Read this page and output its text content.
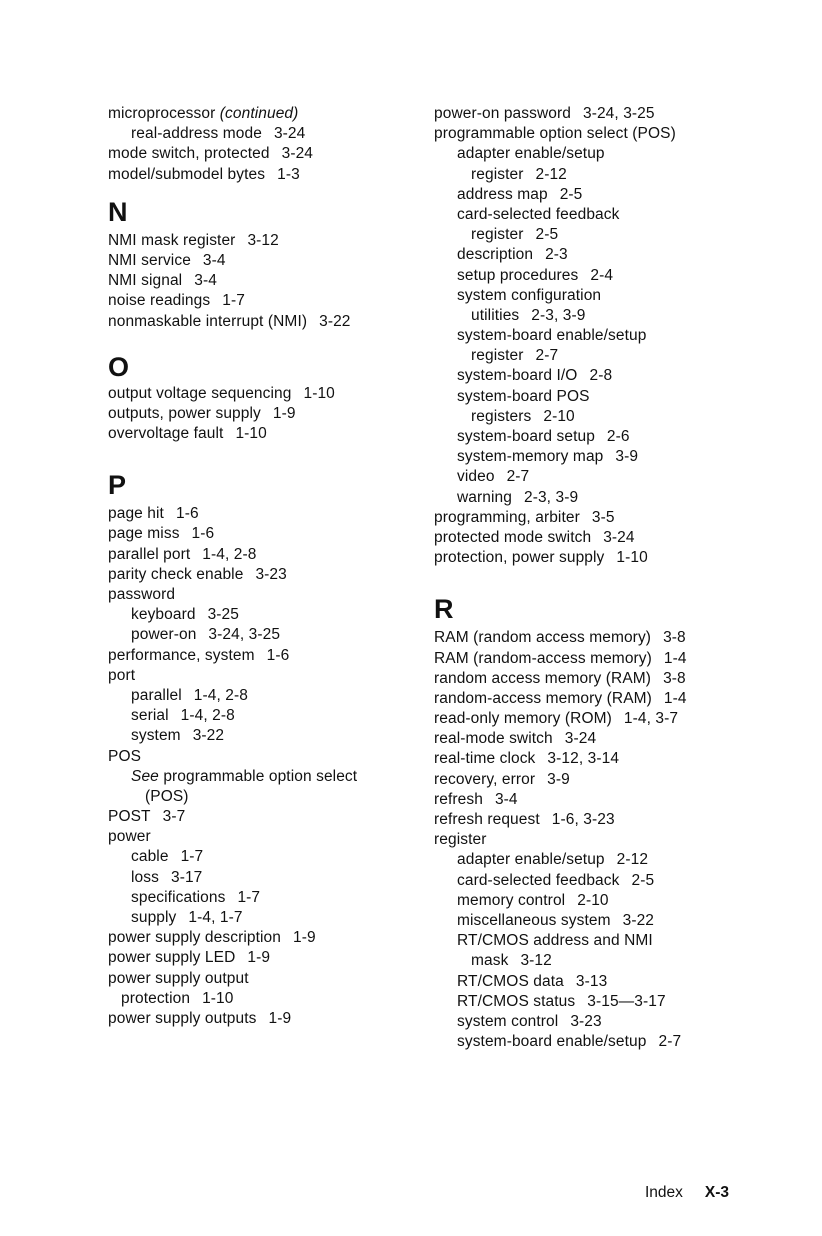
microprocessor (continued)
real-address mode 3-24
mode switch, protected 3-24
model/submodel bytes 1-3
N
NMI mask register 3-12
NMI service 3-4
NMI signal 3-4
noise readings 1-7
nonmaskable interrupt (NMI) 3-22
O
output voltage sequencing 1-10
outputs, power supply 1-9
overvoltage fault 1-10
P
page hit 1-6
page miss 1-6
parallel port 1-4, 2-8
parity check enable 3-23
password
keyboard 3-25
power-on 3-24, 3-25
performance, system 1-6
port
parallel 1-4, 2-8
serial 1-4, 2-8
system 3-22
POS
See programmable option select
(POS)
POST 3-7
power
cable 1-7
loss 3-17
specifications 1-7
supply 1-4, 1-7
power supply description 1-9
power supply LED 1-9
power supply output
protection 1-10
power supply outputs 1-9
power-on password 3-24, 3-25
programmable option select (POS)
adapter enable/setup
register 2-12
address map 2-5
card-selected feedback
register 2-5
description 2-3
setup procedures 2-4
system configuration
utilities 2-3, 3-9
system-board enable/setup
register 2-7
system-board I/O 2-8
system-board POS
registers 2-10
system-board setup 2-6
system-memory map 3-9
video 2-7
warning 2-3, 3-9
programming, arbiter 3-5
protected mode switch 3-24
protection, power supply 1-10
R
RAM (random access memory) 3-8
RAM (random-access memory) 1-4
random access memory (RAM) 3-8
random-access memory (RAM) 1-4
read-only memory (ROM) 1-4, 3-7
real-mode switch 3-24
real-time clock 3-12, 3-14
recovery, error 3-9
refresh 3-4
refresh request 1-6, 3-23
register
adapter enable/setup 2-12
card-selected feedback 2-5
memory control 2-10
miscellaneous system 3-22
RT/CMOS address and NMI
mask 3-12
RT/CMOS data 3-13
RT/CMOS status 3-15—3-17
system control 3-23
system-board enable/setup 2-7
Index X-3
